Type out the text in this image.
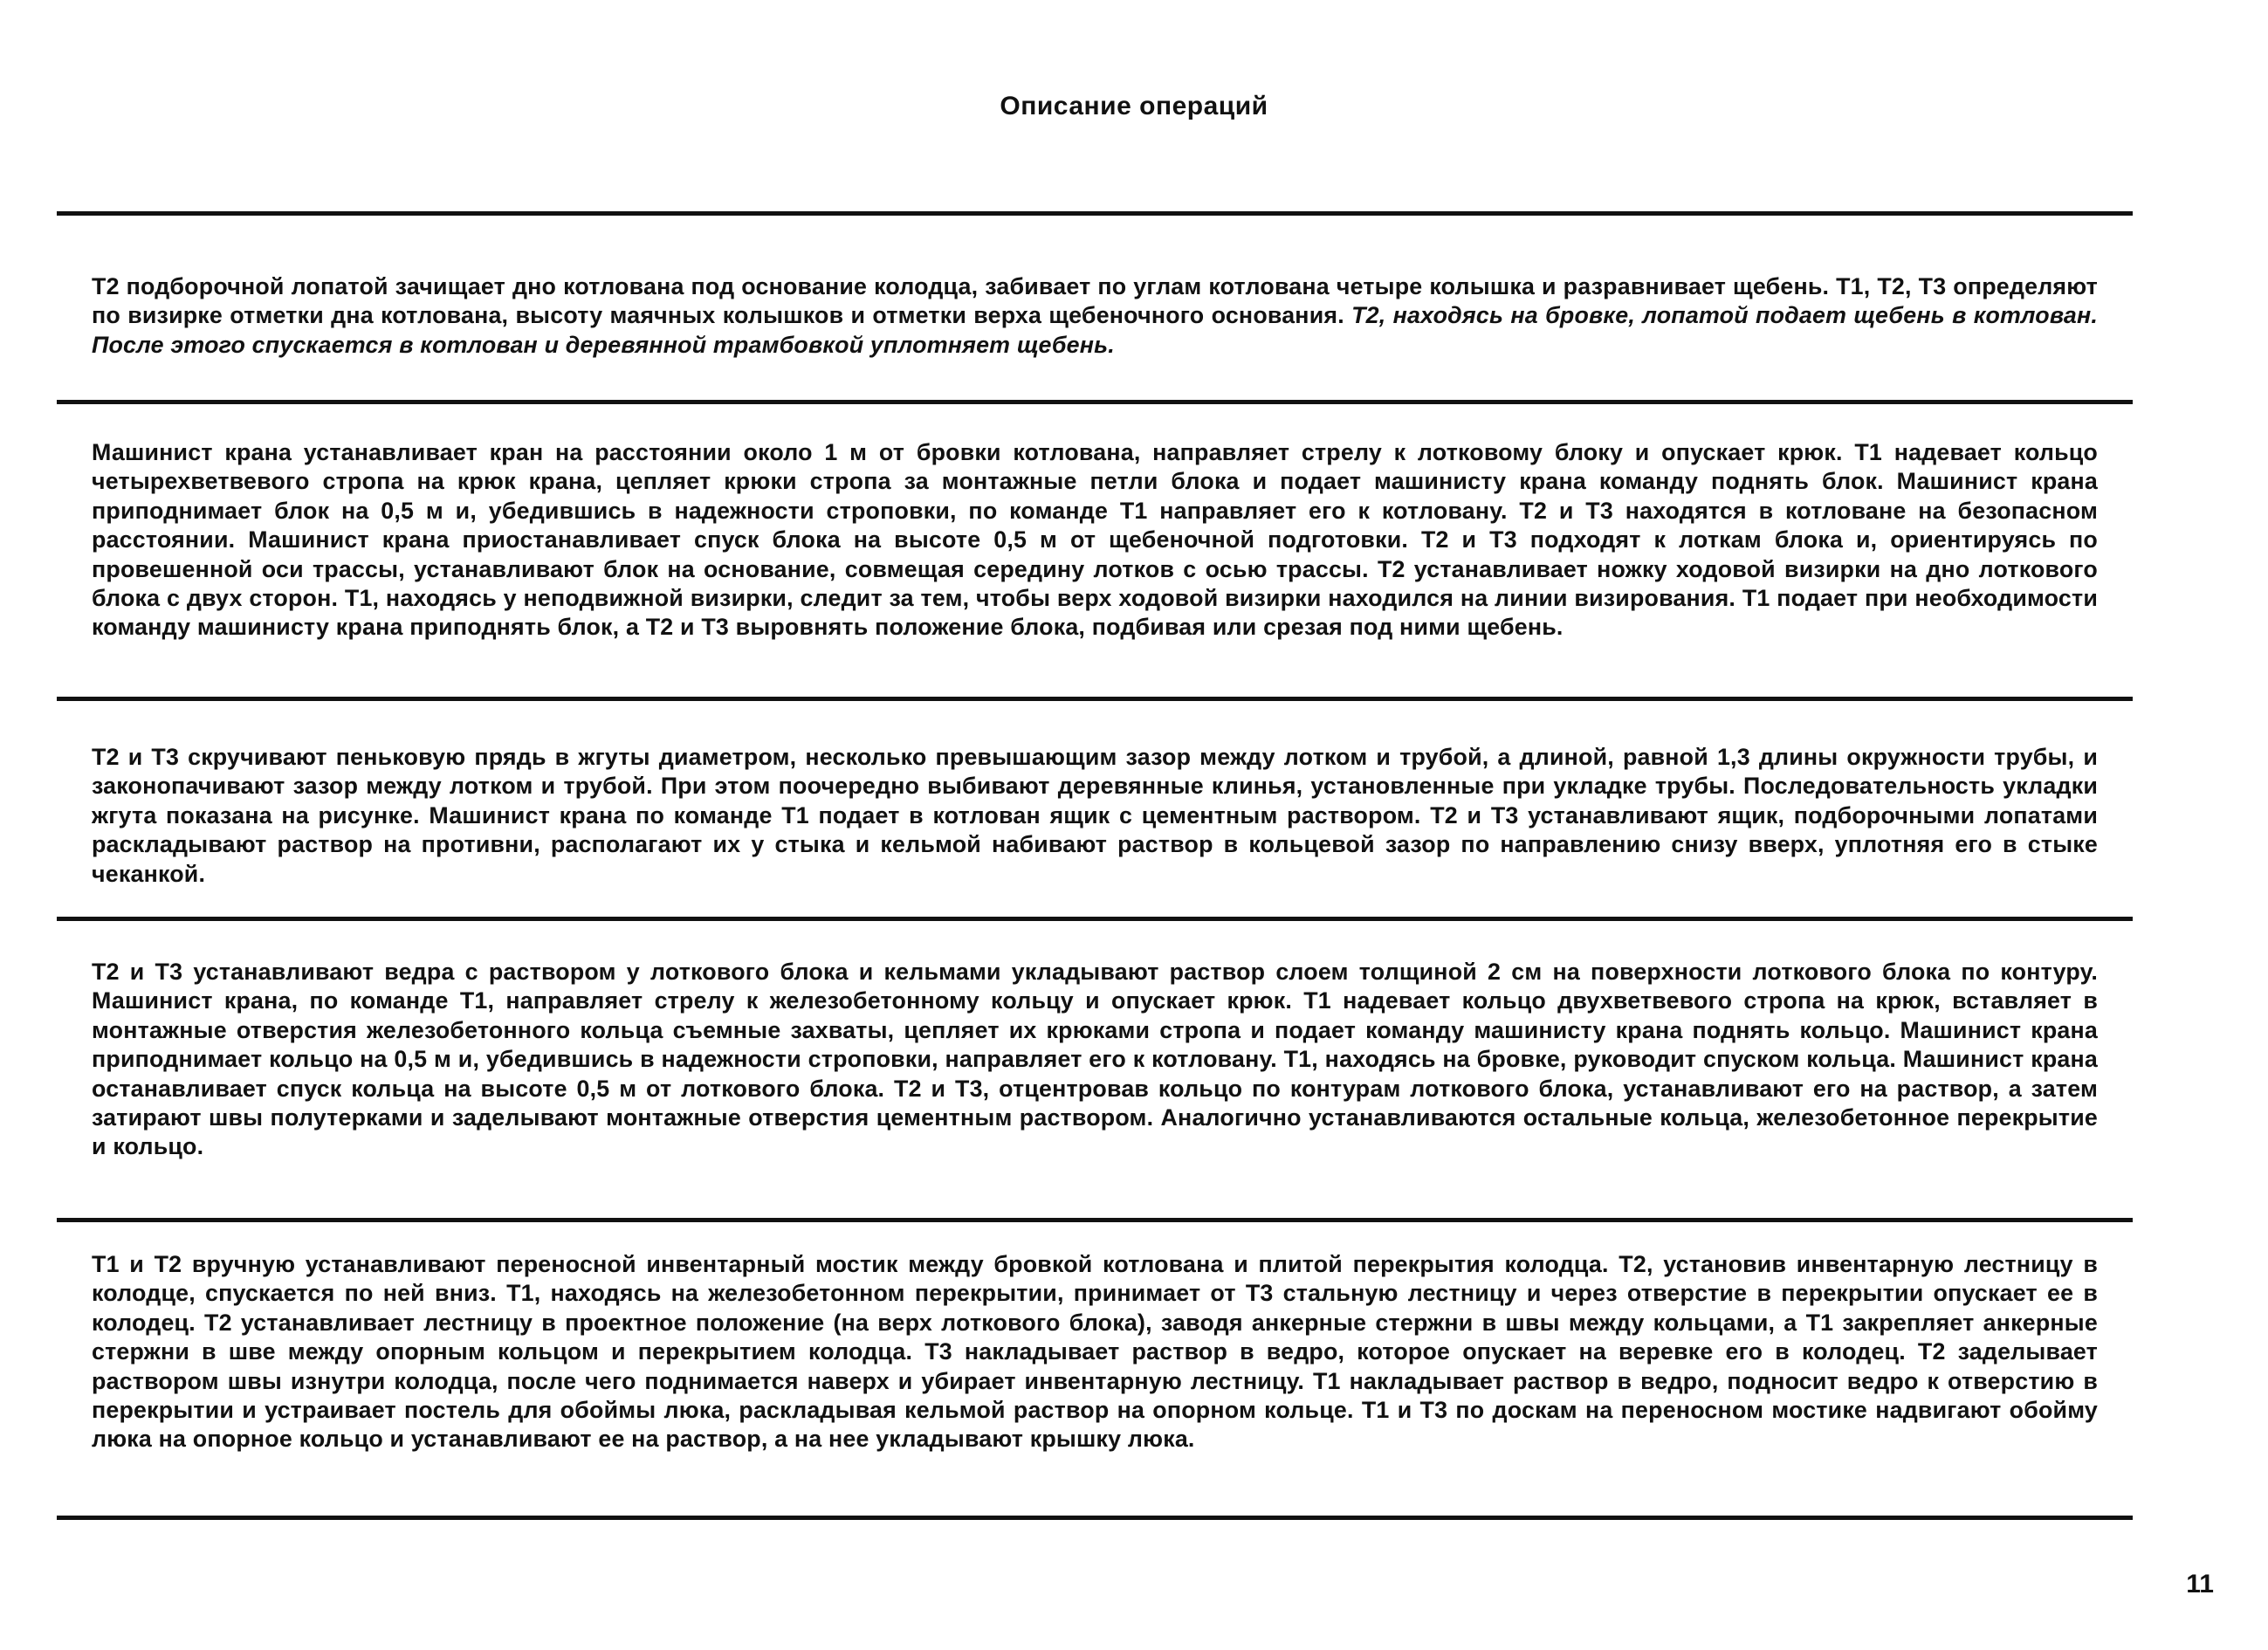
Описание операций
Т2 подборочной лопатой зачищает дно котлована под основание колодца, забивает по углам котлована четыре колышка и разравнивает щебень. Т1, Т2, Т3 определяют по визирке отметки дна котлована, высоту маячных колышков и отметки верха щебеночного основания. Т2, находясь на бровке, лопатой подает щебень в котлован. После этого спускается в котлован и деревянной трамбовкой уплотняет щебень.
Машинист крана устанавливает кран на расстоянии около 1 м от бровки котлована, направляет стрелу к лотковому блоку и опускает крюк. Т1 надевает кольцо четырехветвевого стропа на крюк крана, цепляет крюки стропа за монтажные петли блока и подает машинисту крана команду поднять блок. Машинист крана приподнимает блок на 0,5 м и, убедившись в надежности строповки, по команде Т1 направляет его к котловану. Т2 и Т3 находятся в котловане на безопасном расстоянии. Машинист крана приостанавливает спуск блока на высоте 0,5 м от щебеночной подготовки. Т2 и Т3 подходят к лоткам блока и, ориентируясь по провешенной оси трассы, устанавливают блок на основание, совмещая середину лотков с осью трассы. Т2 устанавливает ножку ходовой визирки на дно лоткового блока с двух сторон. Т1, находясь у неподвижной визирки, следит за тем, чтобы верх ходовой визирки находился на линии визирования. Т1 подает при необходимости команду машинисту крана приподнять блок, а Т2 и Т3 выровнять положение блока, подбивая или срезая под ними щебень.
Т2 и Т3 скручивают пеньковую прядь в жгуты диаметром, несколько превышающим зазор между лотком и трубой, а длиной, равной 1,3 длины окружности трубы, и законопачивают зазор между лотком и трубой. При этом поочередно выбивают деревянные клинья, установленные при укладке трубы. Последовательность укладки жгута показана на рисунке. Машинист крана по команде Т1 подает в котлован ящик с цементным раствором. Т2 и Т3 устанавливают ящик, подборочными лопатами раскладывают раствор на противни, располагают их у стыка и кельмой набивают раствор в кольцевой зазор по направлению снизу вверх, уплотняя его в стыке чеканкой.
Т2 и Т3 устанавливают ведра с раствором у лоткового блока и кельмами укладывают раствор слоем толщиной 2 см на поверхности лоткового блока по контуру. Машинист крана, по команде Т1, направляет стрелу к железобетонному кольцу и опускает крюк. Т1 надевает кольцо двухветвевого стропа на крюк, вставляет в монтажные отверстия железобетонного кольца съемные захваты, цепляет их крюками стропа и подает команду машинисту крана поднять кольцо. Машинист крана приподнимает кольцо на 0,5 м и, убедившись в надежности строповки, направляет его к котловану. Т1, находясь на бровке, руководит спуском кольца. Машинист крана останавливает спуск кольца на высоте 0,5 м от лоткового блока. Т2 и Т3, отцентровав кольцо по контурам лоткового блока, устанавливают его на раствор, а затем затирают швы полутерками и заделывают монтажные отверстия цементным раствором. Аналогично устанавливаются остальные кольца, железобетонное перекрытие и кольцо.
Т1 и Т2 вручную устанавливают переносной инвентарный мостик между бровкой котлована и плитой перекрытия колодца. Т2, установив инвентарную лестницу в колодце, спускается по ней вниз. Т1, находясь на железобетонном перекрытии, принимает от Т3 стальную лестницу и через отверстие в перекрытии опускает ее в колодец. Т2 устанавливает лестницу в проектное положение (на верх лоткового блока), заводя анкерные стержни в швы между кольцами, а Т1 закрепляет анкерные стержни в шве между опорным кольцом и перекрытием колодца. Т3 накладывает раствор в ведро, которое опускает на веревке его в колодец. Т2 заделывает раствором швы изнутри колодца, после чего поднимается наверх и убирает инвентарную лестницу. Т1 накладывает раствор в ведро, подносит ведро к отверстию в перекрытии и устраивает постель для обоймы люка, раскладывая кельмой раствор на опорном кольце. Т1 и Т3 по доскам на переносном мостике надвигают обойму люка на опорное кольцо и устанавливают ее на раствор, а на нее укладывают крышку люка.
11
